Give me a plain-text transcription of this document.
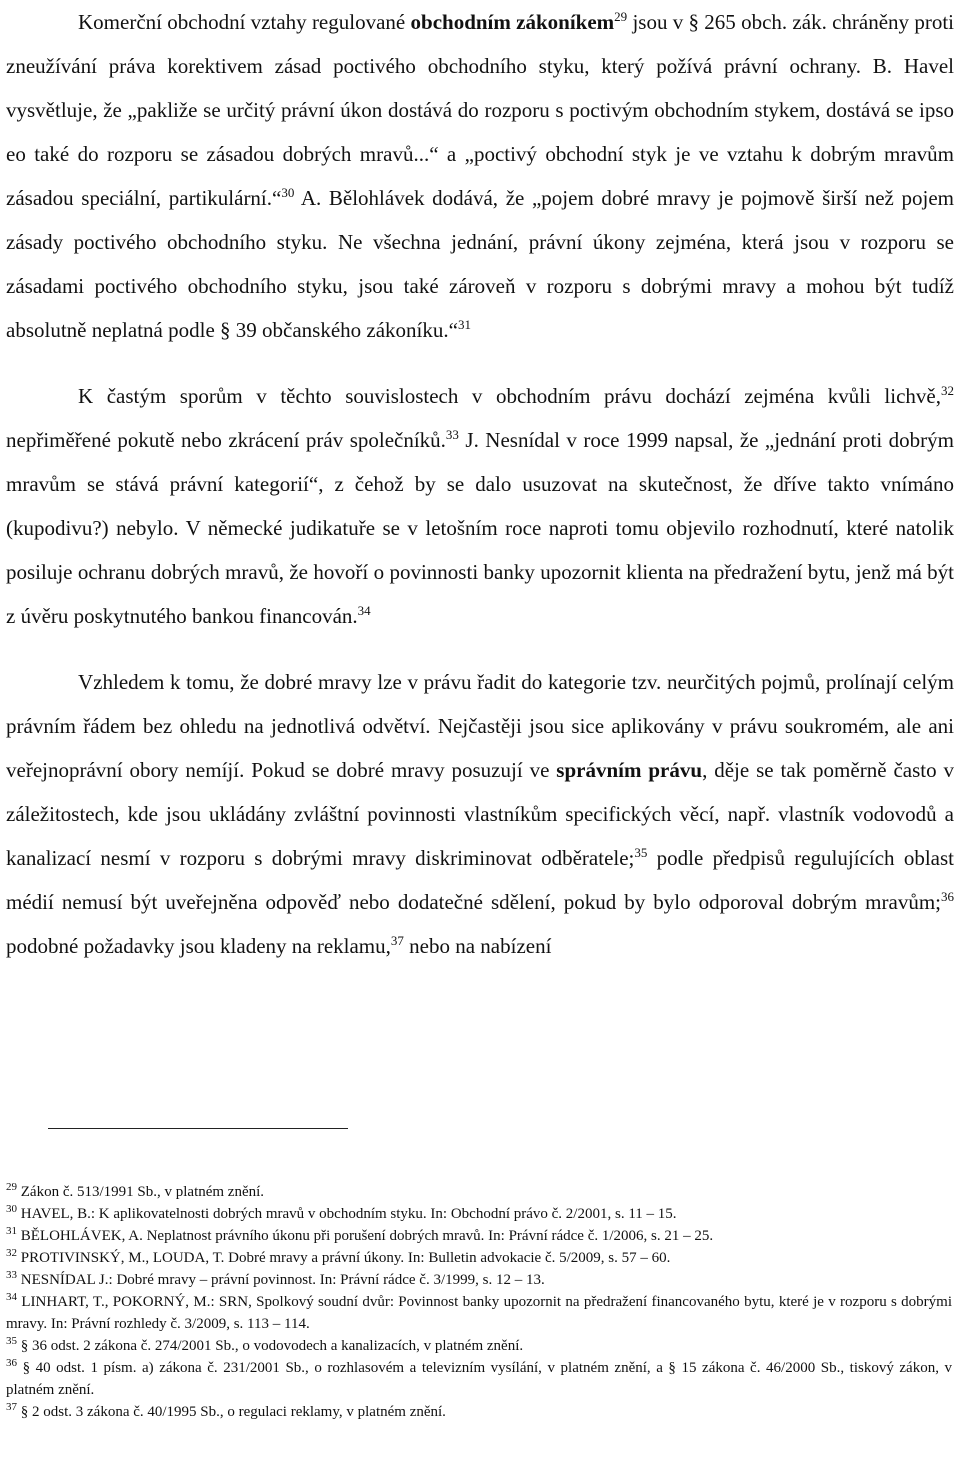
Komerční obchodní vztahy regulované obchodním zákoníkem$^{29}$ jsou v § 265 obch. zák. chráněny proti zneužívání práva korektivem zásad poctivého obchodního styku, který požívá právní ochrany. B. Havel vysvětluje, že „pakliže se určitý právní úkon dostává do rozporu s poctivým obchodním stykem, dostává se ipso eo také do rozporu se zásadou dobrých mravů...“ a „poctivý obchodní styk je ve vztahu k dobrým mravům zásadou speciální, partikulární.“$^{30}$ A. Bělohlávek dodává, že „pojem dobré mravy je pojmově širší než pojem zásady poctivého obchodního styku. Ne všechna jednání, právní úkony zejména, která jsou v rozporu se zásadami poctivého obchodního styku, jsou také zároveň v rozporu s dobrými mravy a mohou být tudíž absolutně neplatná podle § 39 občanského zákoníku.“$^{31}$

K častým sporům v těchto souvislostech v obchodním právu dochází zejména kvůli lichvě,$^{32}$ nepřiměřené pokutě nebo zkrácení práv společníků.$^{33}$ J. Nesnídal v roce 1999 napsal, že „jednání proti dobrým mravům se stává právní kategorií“, z čehož by se dalo usuzovat na skutečnost, že dříve takto vnímáno (kupodivu?) nebylo. V německé judikatuře se v letošním roce naproti tomu objevilo rozhodnutí, které natolik posiluje ochranu dobrých mravů, že hovoří o povinnosti banky upozornit klienta na předražení bytu, jenž má být z úvěru poskytnutého bankou financován.$^{34}$

Vzhledem k tomu, že dobré mravy lze v právu řadit do kategorie tzv. neurčitých pojmů, prolínají celým právním řádem bez ohledu na jednotlivá odvětví. Nejčastěji jsou sice aplikovány v právu soukromém, ale ani veřejnoprávní obory nemíjí. Pokud se dobré mravy posuzují ve správním právu, děje se tak poměrně často v záležitostech, kde jsou ukládány zvláštní povinnosti vlastníkům specifických věcí, např. vlastník vodovodů a kanalizací nesmí v rozporu s dobrými mravy diskriminovat odběratele;$^{35}$ podle předpisů regulujících oblast médií nemusí být uveřejněna odpověď nebo dodatečné sdělení, pokud by bylo odporoval dobrým mravům;$^{36}$ podobné požadavky jsou kladeny na reklamu,$^{37}$ nebo na nabízení

$^{29}$ Zákon č. 513/1991 Sb., v platném znění.

$^{30}$ HAVEL, B.: K aplikovatelnosti dobrých mravů v obchodním styku. In: Obchodní právo č. 2/2001, s. 11 – 15.

$^{31}$ BĚLOHLÁVEK, A. Neplatnost právního úkonu při porušení dobrých mravů. In: Právní rádce č. 1/2006, s. 21 – 25.

$^{32}$ PROTIVINSKÝ, M., LOUDA, T. Dobré mravy a právní úkony. In: Bulletin advokacie č. 5/2009, s. 57 – 60.

$^{33}$ NESNÍDAL J.: Dobré mravy – právní povinnost. In: Právní rádce č. 3/1999, s. 12 – 13.

$^{34}$ LINHART, T., POKORNÝ, M.: SRN, Spolkový soudní dvůr: Povinnost banky upozornit na předražení financovaného bytu, které je v rozporu s dobrými mravy. In: Právní rozhledy č. 3/2009, s. 113 – 114.

$^{35}$ § 36 odst. 2 zákona č. 274/2001 Sb., o vodovodech a kanalizacích, v platném znění.

$^{36}$ § 40 odst. 1 písm. a) zákona č. 231/2001 Sb., o rozhlasovém a televizním vysílání, v platném znění, a § 15 zákona č. 46/2000 Sb., tiskový zákon, v platném znění.

$^{37}$ § 2 odst. 3 zákona č. 40/1995 Sb., o regulaci reklamy, v platném znění.
